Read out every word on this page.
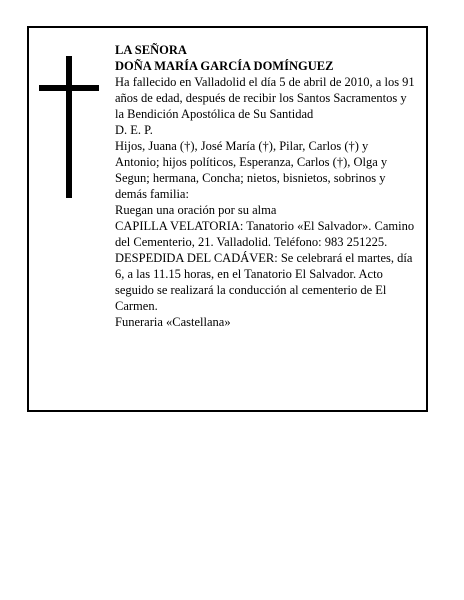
LA SEÑORA

DOÑA MARÍA GARCÍA DOMÍNGUEZ

Ha fallecido en Valladolid el día 5 de abril de 2010, a los 91 años de edad, después de recibir los Santos Sacramentos y la Bendición Apostólica de Su Santidad

D. E. P.

Hijos, Juana (†), José María (†), Pilar, Carlos (†) y Antonio; hijos políticos, Esperanza, Carlos (†), Olga y Segun; hermana, Concha; nietos, bisnietos, sobrinos y demás familia:

Ruegan una oración por su alma

CAPILLA VELATORIA: Tanatorio «El Salvador». Camino del Cementerio, 21. Valladolid. Teléfono: 983 251225.

DESPEDIDA DEL CADÁVER: Se celebrará el martes, día 6, a las 11.15 horas, en el Tanatorio El Salvador. Acto seguido se realizará la conducción al cementerio de El Carmen.

Funeraria «Castellana»
